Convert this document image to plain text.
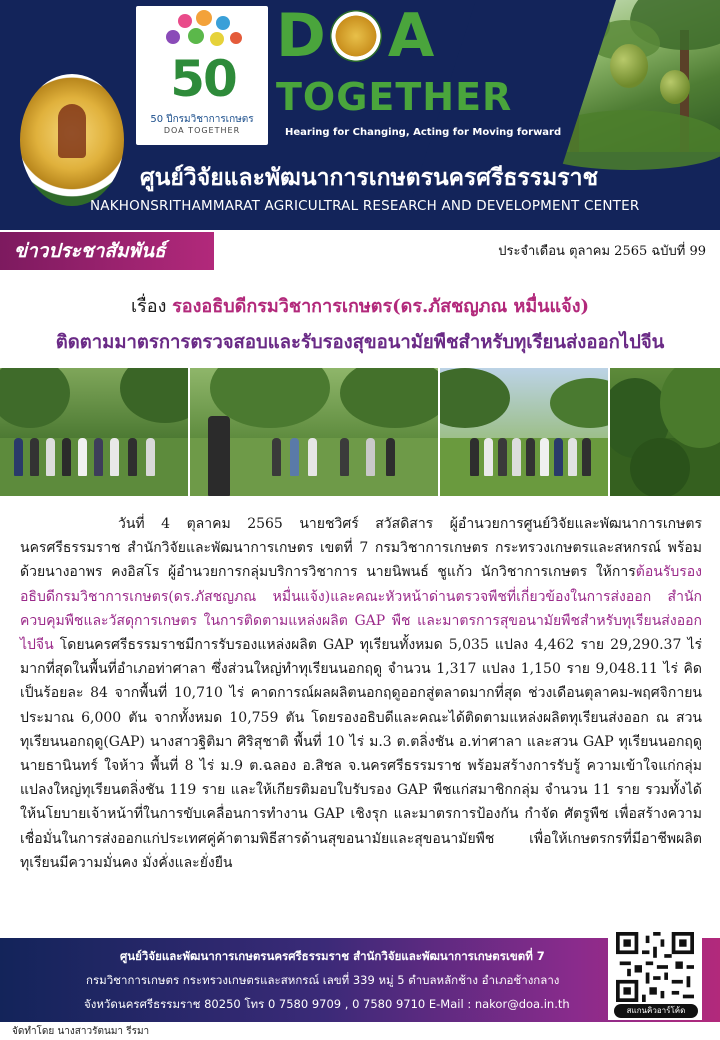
50
50 ปีกรมวิชาการเกษตร
DOA TOGETHER
D A
TOGETHER
Hearing for Changing, Acting for Moving forward
ศูนย์วิจัยและพัฒนาการเกษตรนครศรีธรรมราช
NAKHONSRITHAMMARAT AGRICULTRAL RESEARCH AND DEVELOPMENT CENTER
ข่าวประชาสัมพันธ์	ประจำเดือน ตุลาคม 2565 ฉบับที่ 99
เรื่อง รองอธิบดีกรมวิชาการเกษตร(ดร.ภัสชญภณ หมื่นแจ้ง)
ติดตามมาตรการตรวจสอบและรับรองสุขอนามัยพืชสำหรับทุเรียนส่งออกไปจีน

วันที่ 4 ตุลาคม 2565 นายชวิศร์ สวัสดิสาร ผู้อำนวยการศูนย์วิจัยและพัฒนาการเกษตรนครศรีธรรมราช สำนักวิจัยและพัฒนาการเกษตร เขตที่ 7 กรมวิชาการเกษตร กระทรวงเกษตรและสหกรณ์ พร้อมด้วยนางอาพร คงอิสโร ผู้อำนวยการกลุ่มบริการวิชาการ นายนิพนธ์ ชูแก้ว นักวิชาการเกษตร ให้การต้อนรับรองอธิบดีกรมวิชาการเกษตร(ดร.ภัสชญภณ หมื่นแจ้ง)และคณะหัวหน้าด่านตรวจพืชที่เกี่ยวข้องในการส่งออก สำนักควบคุมพืชและวัสดุการเกษตร ในการติดตามแหล่งผลิต GAP พืช และมาตรการสุขอนามัยพืชสำหรับทุเรียนส่งออกไปจีน โดยนครศรีธรรมราชมีการรับรองแหล่งผลิต GAP ทุเรียนทั้งหมด 5,035 แปลง 4,462 ราย 29,290.37 ไร่ มากที่สุดในพื้นที่อำเภอท่าศาลา ซึ่งส่วนใหญ่ทำทุเรียนนอกฤดู จำนวน 1,317 แปลง 1,150 ราย 9,048.11 ไร่ คิดเป็นร้อยละ 84 จากพื้นที่ 10,710 ไร่ คาดการณ์ผลผลิตนอกฤดูออกสู่ตลาดมากที่สุด ช่วงเดือนตุลาคม-พฤศจิกายน ประมาณ 6,000 ตัน จากทั้งหมด 10,759 ตัน โดยรองอธิบดีและคณะได้ติดตามแหล่งผลิตทุเรียนส่งออก ณ สวนทุเรียนนอกฤดู(GAP) นางสาวฐิติมา ศิริสุชาติ พื้นที่ 10 ไร่ ม.3 ต.ตลิ่งชัน อ.ท่าศาลา และสวน GAP ทุเรียนนอกฤดู นายธานินทร์ ใจห้าว พื้นที่ 8 ไร่ ม.9 ต.ฉลอง อ.สิชล จ.นครศรีธรรมราช พร้อมสร้างการรับรู้ ความเข้าใจแก่กลุ่มแปลงใหญ่ทุเรียนตลิ่งชัน 119 ราย และให้เกียรติมอบใบรับรอง GAP พืชแก่สมาชิกกลุ่ม จำนวน 11 ราย รวมทั้งได้ให้นโยบายเจ้าหน้าที่ในการขับเคลื่อนการทำงาน GAP เชิงรุก และมาตรการป้องกัน กำจัด ศัตรูพืช เพื่อสร้างความเชื่อมั่นในการส่งออกแก่ประเทศคู่ค้าตามพิธีสารด้านสุขอนามัยและสุขอนามัยพืช เพื่อให้เกษตรกรที่มีอาชีพผลิตทุเรียนมีความมั่นคง มั่งคั่งและยั่งยืน

ศูนย์วิจัยและพัฒนาการเกษตรนครศรีธรรมราช สำนักวิจัยและพัฒนาการเกษตรเขตที่ 7
กรมวิชาการเกษตร กระทรวงเกษตรและสหกรณ์ เลขที่ 339 หมู่ 5 ตำบลหลักช้าง อำเภอช้างกลาง
จังหวัดนครศรีธรรมราช 80250 โทร 0 7580 9709 , 0 7580 9710 E-Mail : nakor@doa.in.th	สแกนคิวอาร์โค้ด
จัดทำโดย นางสาวรัตนมา รีรมา
